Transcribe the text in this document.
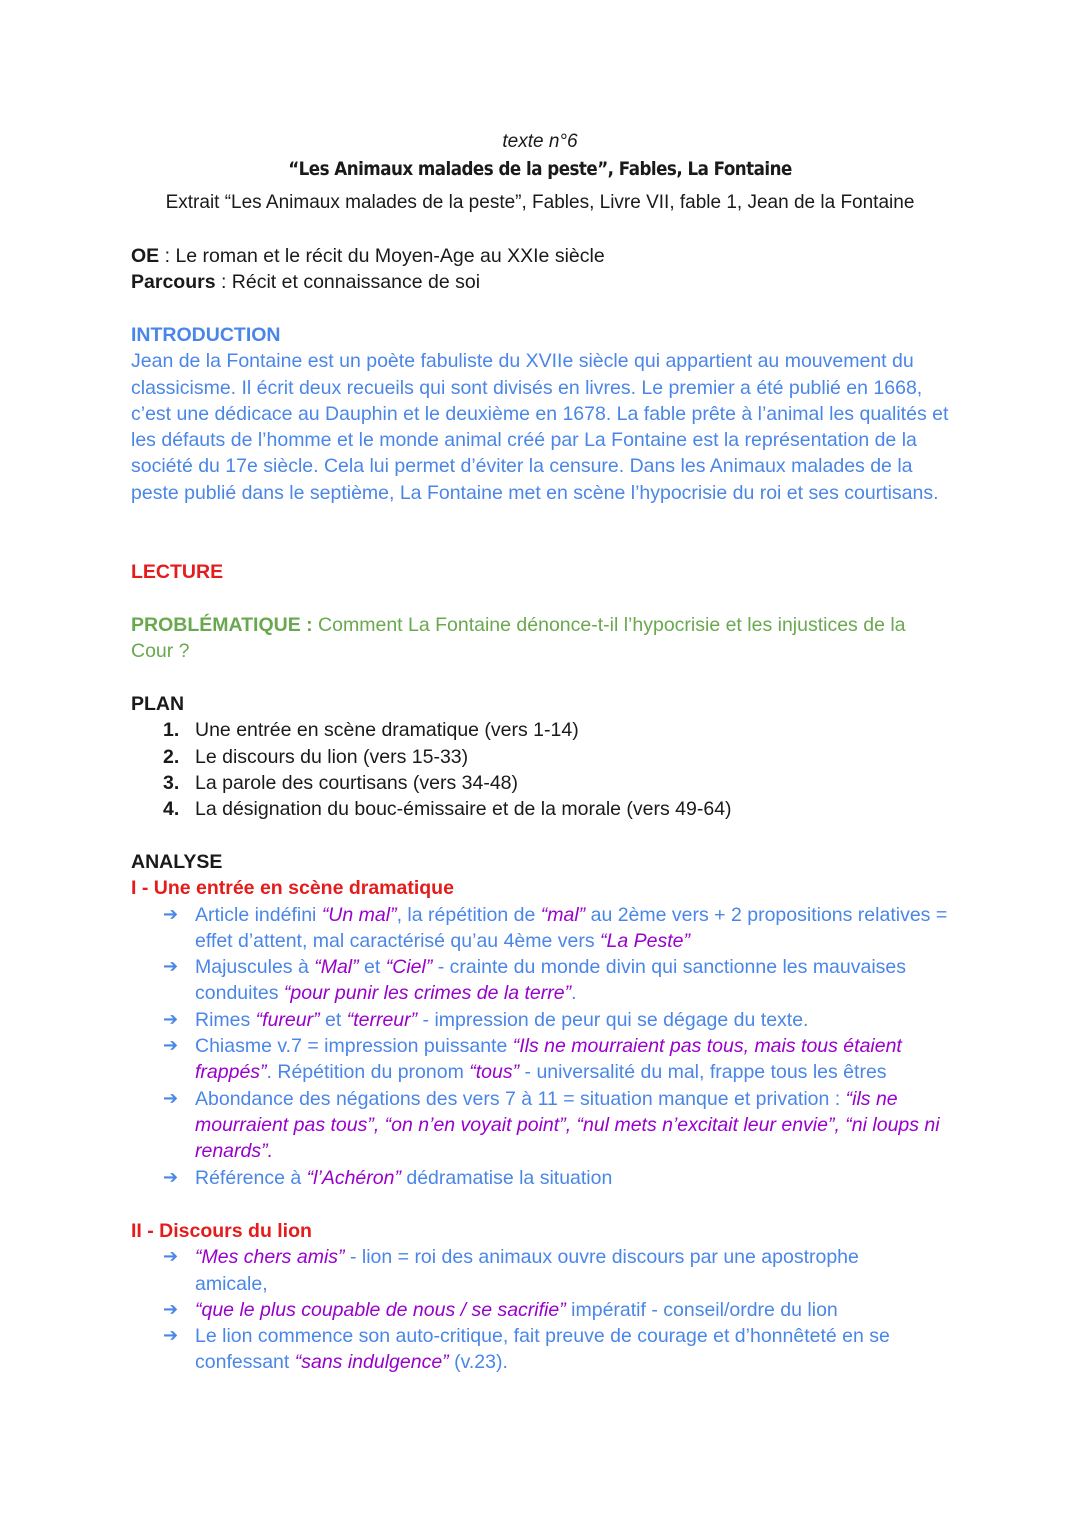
texte n°6
“Les Animaux malades de la peste”, Fables, La Fontaine
Extrait “Les Animaux malades de la peste”, Fables, Livre VII, fable 1, Jean de la Fontaine
OE : Le roman et le récit du Moyen-Age au XXIe siècle
Parcours : Récit et connaissance de soi
INTRODUCTION
Jean de la Fontaine est un poète fabuliste du XVIIe siècle qui appartient au mouvement du classicisme. Il écrit deux recueils qui sont divisés en livres. Le premier a été publié en 1668, c’est une dédicace au Dauphin et le deuxième en 1678. La fable prête à l’animal les qualités et les défauts de l’homme et le monde animal créé par La Fontaine est la représentation de la société du 17e siècle. Cela lui permet d’éviter la censure. Dans les Animaux malades de la peste publié dans le septième, La Fontaine met en scène l’hypocrisie du roi et ses courtisans.
LECTURE
PROBLÉMATIQUE : Comment La Fontaine dénonce-t-il l’hypocrisie et les injustices de la Cour ?
PLAN
1. Une entrée en scène dramatique (vers 1-14)
2. Le discours du lion (vers 15-33)
3. La parole des courtisans (vers 34-48)
4. La désignation du bouc-émissaire et de la morale (vers 49-64)
ANALYSE
I - Une entrée en scène dramatique
➔ Article indéfini “Un mal”, la répétition de “mal” au 2ème vers + 2 propositions relatives = effet d’attent, mal caractérisé qu’au 4ème vers “La Peste”
➔ Majuscules à “Mal” et “Ciel” - crainte du monde divin qui sanctionne les mauvaises conduites “pour punir les crimes de la terre”.
➔ Rimes “fureur” et “terreur” - impression de peur qui se dégage du texte.
➔ Chiasme v.7 = impression puissante “Ils ne mourraient pas tous, mais tous étaient frappés”. Répétition du pronom “tous” - universalité du mal, frappe tous les êtres
➔ Abondance des négations des vers 7 à 11 = situation manque et privation : “ils ne mourraient pas tous”, “on n’en voyait point”, “nul mets n’excitait leur envie”, “ni loups ni renards”.
➔ Référence à “l’Achéron” dédramatise la situation
II - Discours du lion
➔ “Mes chers amis” - lion = roi des animaux ouvre discours par une apostrophe amicale,
➔ “que le plus coupable de nous / se sacrifie” impératif - conseil/ordre du lion
➔ Le lion commence son auto-critique, fait preuve de courage et d’honnêteté en se confessant “sans indulgence” (v.23).
